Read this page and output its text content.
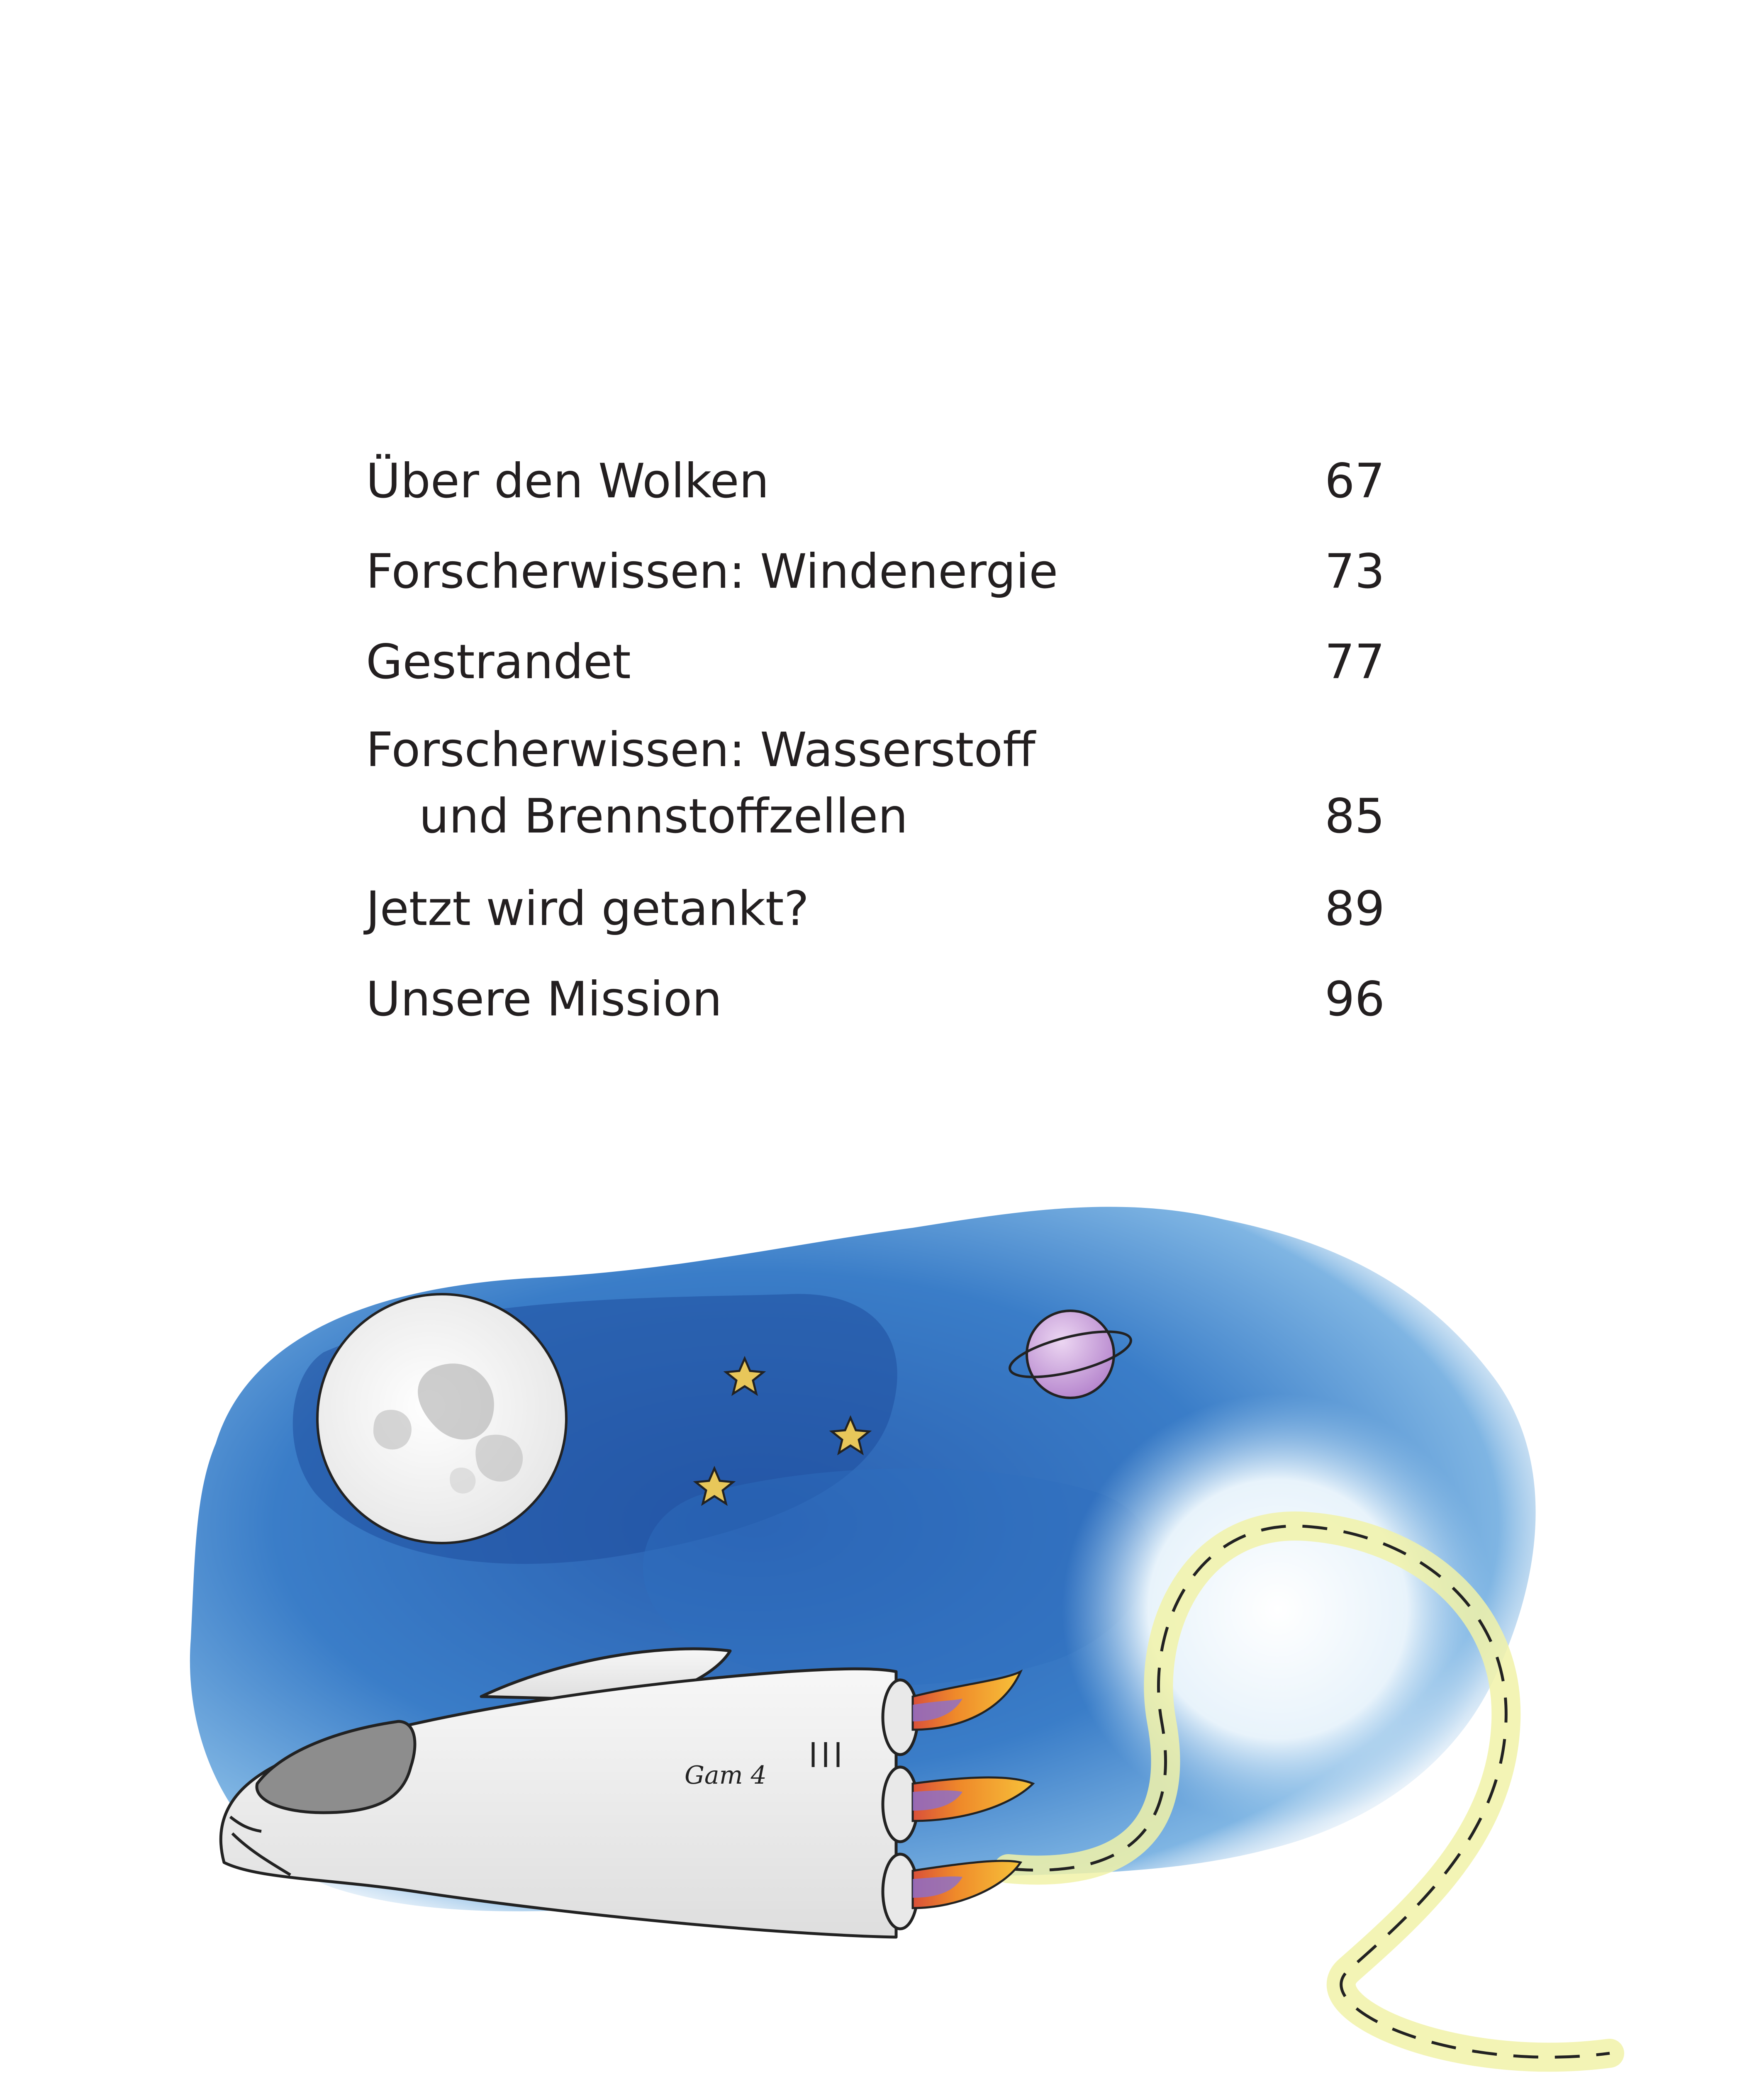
Über den Wolken	67
Forscherwissen: Windenergie	73
Gestrandet	77
Forscherwissen: Wasserstoff
und Brennstoffzellen	85
Jetzt wird getankt?	89
Unsere Mission	96
Gam 4
